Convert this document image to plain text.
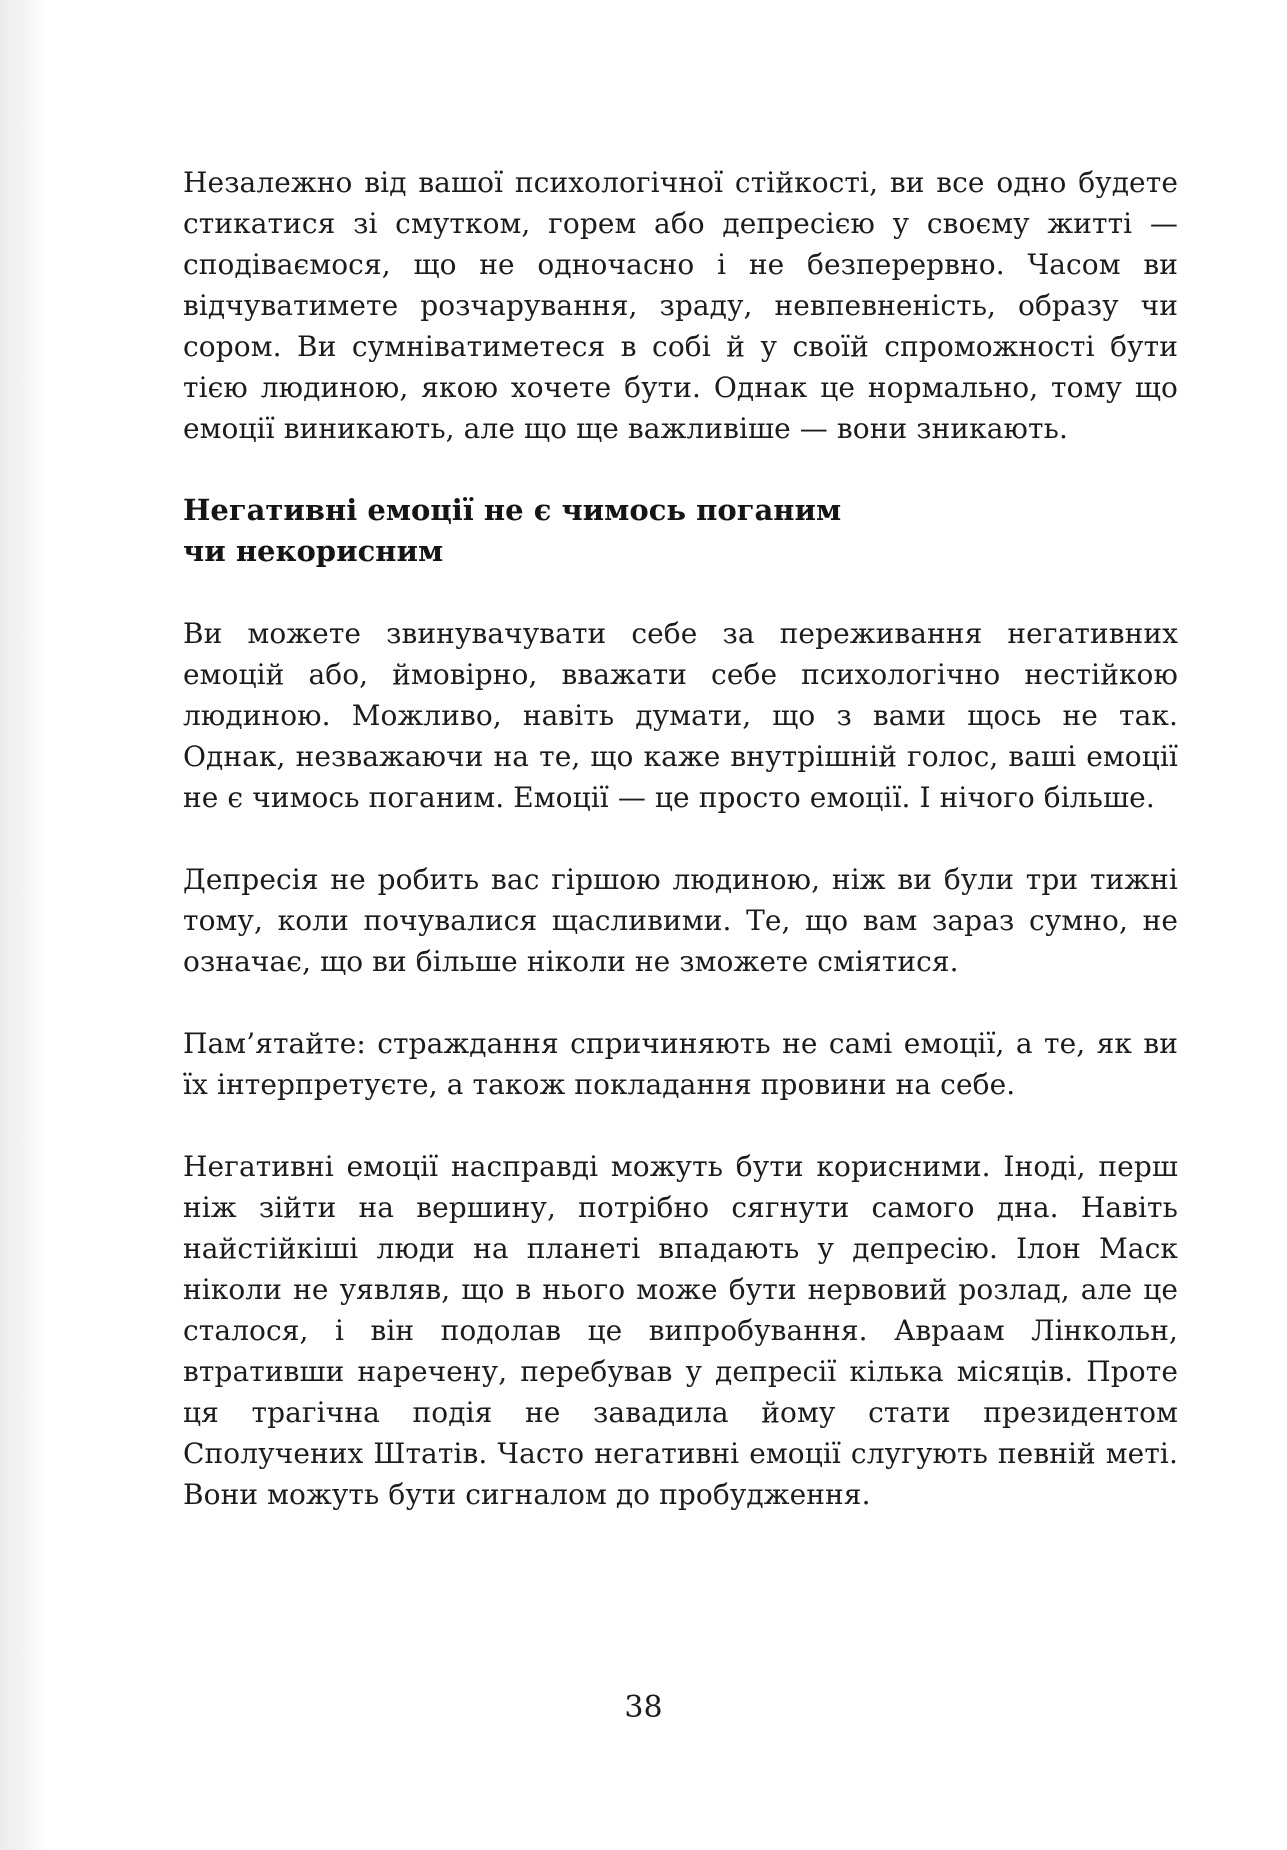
Незалежно від вашої психологічної стійкості, ви все одно будете стикатися зі смутком, горем або депресією у своєму житті — сподіваємося, що не одночасно і не безперервно. Часом ви відчуватимете розчарування, зраду, невпевненість, образу чи сором. Ви сумніватиметеся в собі й у своїй спроможності бути тією людиною, якою хочете бути. Однак це нормально, тому що емоції виникають, але що ще важливіше — вони зникають.

Негативні емоції не є чимось поганим
чи некорисним

Ви можете звинувачувати себе за переживання негативних емоцій або, ймовірно, вважати себе психологічно нестійкою людиною. Можливо, навіть думати, що з вами щось не так. Однак, незважаючи на те, що каже внутрішній голос, ваші емоції не є чимось поганим. Емоції — це просто емоції. І нічого більше.

Депресія не робить вас гіршою людиною, ніж ви були три тижні тому, коли почувалися щасливими. Те, що вам зараз сумно, не означає, що ви більше ніколи не зможете сміятися.

Пам’ятайте: страждання спричиняють не самі емоції, а те, як ви їх інтерпретуєте, а також покладання провини на себе.

Негативні емоції насправді можуть бути корисними. Іноді, перш ніж зійти на вершину, потрібно сягнути самого дна. Навіть найстійкіші люди на планеті впадають у депресію. Ілон Маск ніколи не уявляв, що в нього може бути нервовий розлад, але це сталося, і він подолав це випробування. Авраам Лінкольн, втративши наречену, перебував у депресії кілька місяців. Проте ця трагічна подія не завадила йому стати президентом Сполучених Штатів. Часто негативні емоції слугують певній меті. Вони можуть бути сигналом до пробудження.

38
